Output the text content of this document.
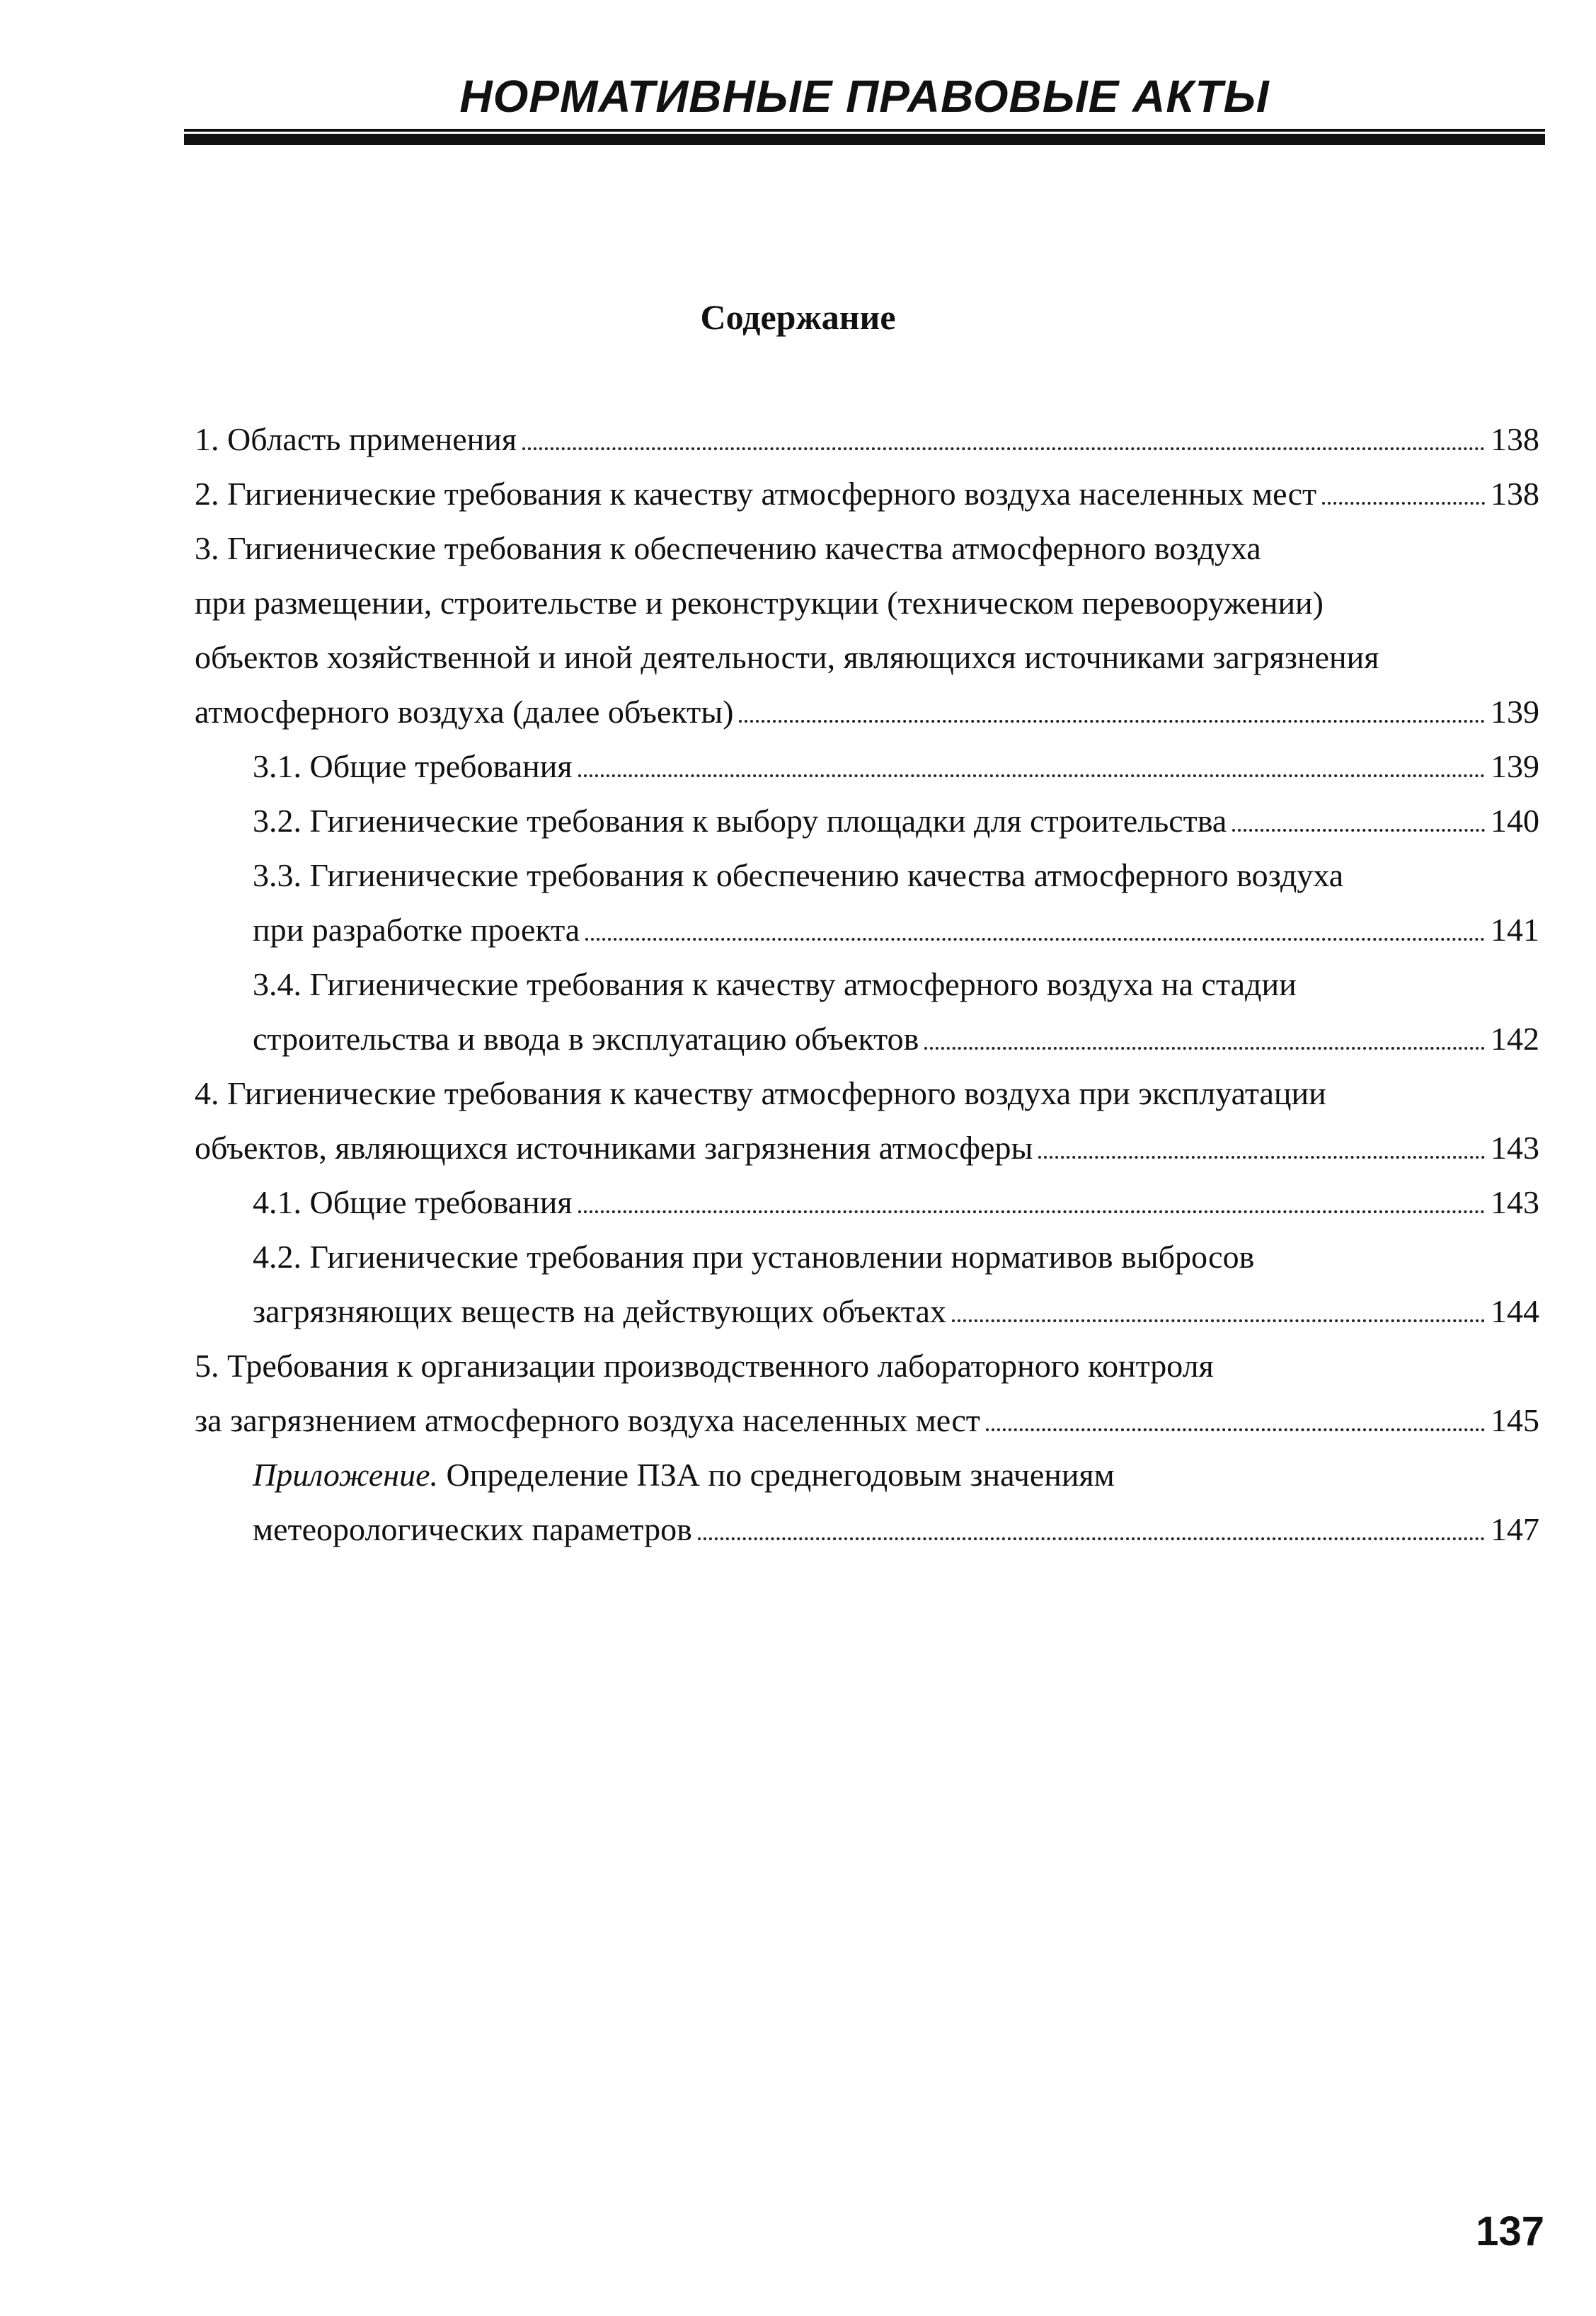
НОРМАТИВНЫЕ ПРАВОВЫЕ АКТЫ
Содержание
1. Область применения	138
2. Гигиенические требования к качеству атмосферного воздуха населенных мест	138
3. Гигиенические требования к обеспечению качества атмосферного воздуха
при размещении, строительстве и реконструкции (техническом перевооружении)
объектов хозяйственной и иной деятельности, являющихся источниками загрязнения
атмосферного воздуха (далее объекты)	139
3.1. Общие требования	139
3.2. Гигиенические требования к выбору площадки для строительства	140
3.3. Гигиенические требования к обеспечению качества атмосферного воздуха
при разработке проекта	141
3.4. Гигиенические требования к качеству атмосферного воздуха на стадии
строительства и ввода в эксплуатацию объектов	142
4. Гигиенические требования к качеству атмосферного воздуха при эксплуатации
объектов, являющихся источниками загрязнения атмосферы	143
4.1. Общие требования	143
4.2. Гигиенические требования при установлении нормативов выбросов
загрязняющих веществ на действующих объектах	144
5. Требования к организации производственного лабораторного контроля
за загрязнением атмосферного воздуха населенных мест	145
Приложение. Определение ПЗА по среднегодовым значениям
метеорологических параметров	147
137
